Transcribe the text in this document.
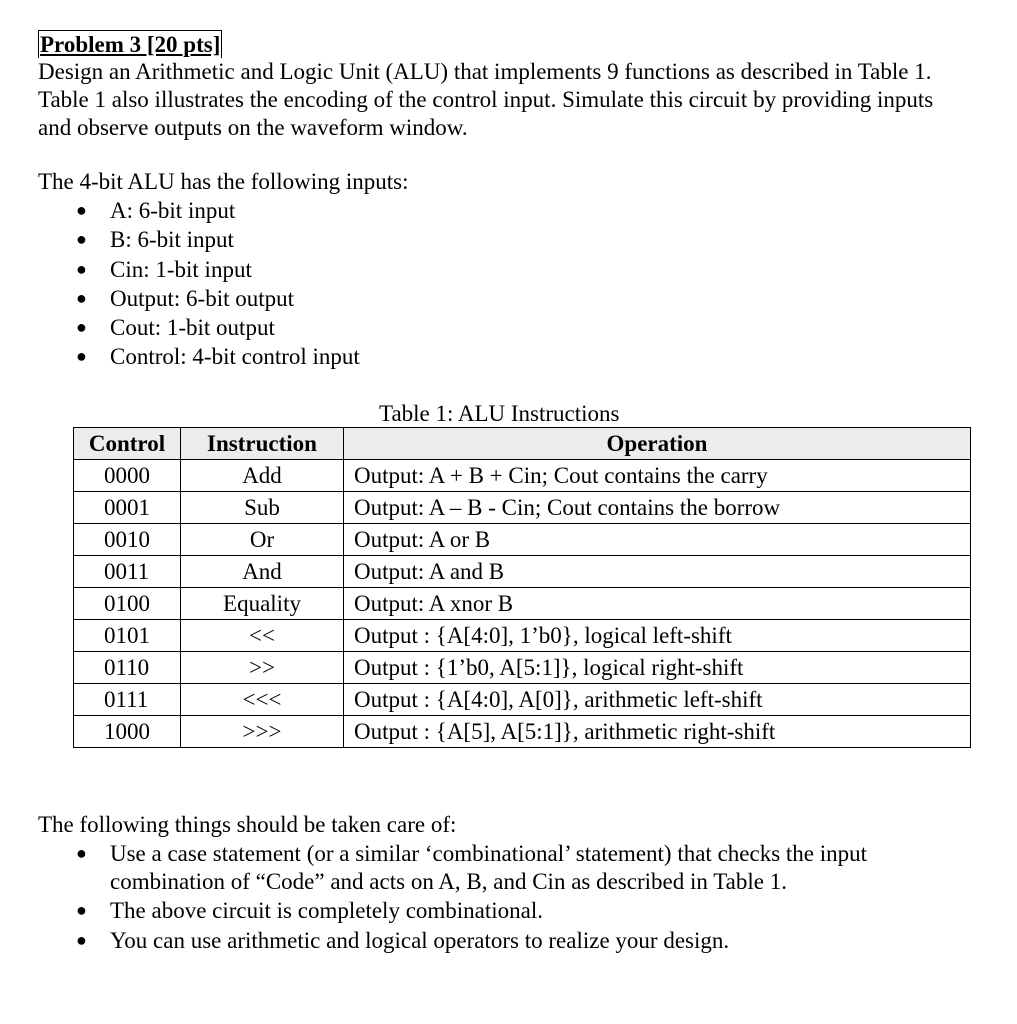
Problem 3 [20 pts]

Design an Arithmetic and Logic Unit (ALU) that implements 9 functions as described in Table 1.

Table 1 also illustrates the encoding of the control input. Simulate this circuit by providing inputs

and observe outputs on the waveform window.

The 4-bit ALU has the following inputs:
● A: 6-bit input
● B: 6-bit input
● Cin: 1-bit input
● Output: 6-bit output
● Cout: 1-bit output
● Control: 4-bit control input
Table 1: ALU Instructions
Control	Instruction	Operation
0000	Add	Output: A + B + Cin; Cout contains the carry
0001	Sub	Output: A – B - Cin; Cout contains the borrow
0010	Or	Output: A or B
0011	And	Output: A and B
0100	Equality	Output: A xnor B
0101	<<	Output : {A[4:0], 1’b0}, logical left-shift
0110	>>	Output : {1’b0, A[5:1]}, logical right-shift
0111	<<<	Output : {A[4:0], A[0]}, arithmetic left-shift
1000	>>>	Output : {A[5], A[5:1]}, arithmetic right-shift
The following things should be taken care of:
● Use a case statement (or a similar ‘combinational’ statement) that checks the input
combination of “Code” and acts on A, B, and Cin as described in Table 1.
● The above circuit is completely combinational.
● You can use arithmetic and logical operators to realize your design.
